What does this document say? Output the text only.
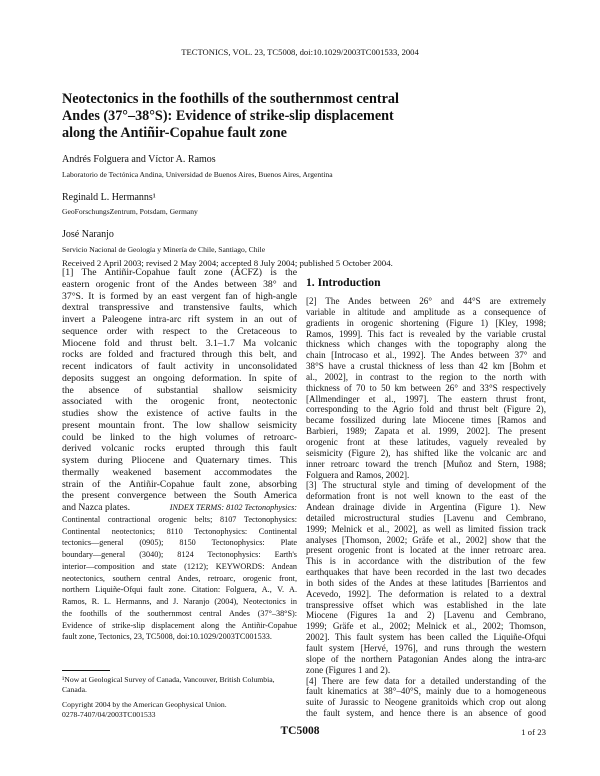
TECTONICS, VOL. 23, TC5008, doi:10.1029/2003TC001533, 2004
Neotectonics in the foothills of the southernmost central
Andes (37°–38°S): Evidence of strike-slip displacement
along the Antiñir-Copahue fault zone
Andrés Folguera and Víctor A. Ramos
Laboratorio de Tectónica Andina, Universidad de Buenos Aires, Buenos Aires, Argentina
Reginald L. Hermanns¹
GeoForschungsZentrum, Potsdam, Germany
José Naranjo
Servicio Nacional de Geología y Minería de Chile, Santiago, Chile
Received 2 April 2003; revised 2 May 2004; accepted 8 July 2004; published 5 October 2004.
[1] The Antiñir-Copahue fault zone (ACFZ) is the
eastern orogenic front of the Andes between 38° and
37°S. It is formed by an east vergent fan of high-angle
dextral transpressive and transtensive faults, which
invert a Paleogene intra-arc rift system in an out of
sequence order with respect to the Cretaceous to
Miocene fold and thrust belt. 3.1–1.7 Ma volcanic
rocks are folded and fractured through this belt, and
recent indicators of fault activity in unconsolidated
deposits suggest an ongoing deformation. In spite of
the absence of substantial shallow seismicity
associated with the orogenic front, neotectonic
studies show the existence of active faults in the
present mountain front. The low shallow seismicity
could be linked to the high volumes of retroarc-
derived volcanic rocks erupted through this fault
system during Pliocene and Quaternary times. This
thermally weakened basement accommodates the
strain of the Antiñir-Copahue fault zone, absorbing
the present convergence between the South America
and Nazca plates.	INDEX TERMS: 8102 Tectonophysics:
Continental contractional orogenic belts; 8107 Tectonophysics:
Continental neotectonics; 8110 Tectonophysics: Continental
tectonics—general (0905); 8150 Tectonophysics: Plate
boundary—general (3040); 8124 Tectonophysics: Earth's
interior—composition and state (1212); KEYWORDS: Andean
neotectonics, southern central Andes, retroarc, orogenic front,
northern Liquiñe-Ofqui fault zone. Citation: Folguera, A., V. A.
Ramos, R. L. Hermanns, and J. Naranjo (2004), Neotectonics in
the foothills of the southernmost central Andes (37°–38°S):
Evidence of strike-slip displacement along the Antiñir-Copahue
fault zone, Tectonics, 23, TC5008, doi:10.1029/2003TC001533.
1. Introduction
[2] The Andes between 26° and 44°S are extremely
variable in altitude and amplitude as a consequence of
gradients in orogenic shortening (Figure 1) [Kley, 1998;
Ramos, 1999]. This fact is revealed by the variable crustal
thickness which changes with the topography along the
chain [Introcaso et al., 1992]. The Andes between 37° and
38°S have a crustal thickness of less than 42 km [Bohm et
al., 2002], in contrast to the region to the north with
thickness of 70 to 50 km between 26° and 33°S respectively
[Allmendinger et al., 1997]. The eastern thrust front,
corresponding to the Agrio fold and thrust belt (Figure 2),
became fossilized during late Miocene times [Ramos and
Barbieri, 1989; Zapata et al. 1999, 2002]. The present
orogenic front at these latitudes, vaguely revealed by
seismicity (Figure 2), has shifted like the volcanic arc and
inner retroarc toward the trench [Muñoz and Stern, 1988;
Folguera and Ramos, 2002].
[3] The structural style and timing of development of the
deformation front is not well known to the east of the
Andean drainage divide in Argentina (Figure 1). New
detailed microstructural studies [Lavenu and Cembrano,
1999; Melnick et al., 2002], as well as limited fission track
analyses [Thomson, 2002; Gräfe et al., 2002] show that the
present orogenic front is located at the inner retroarc area.
This is in accordance with the distribution of the few
earthquakes that have been recorded in the last two decades
in both sides of the Andes at these latitudes [Barrientos and
Acevedo, 1992]. The deformation is related to a dextral
transpressive offset which was established in the late
Miocene (Figures 1a and 2) [Lavenu and Cembrano,
1999; Gräfe et al., 2002; Melnick et al., 2002; Thomson,
2002]. This fault system has been called the Liquiñe-Ofqui
fault system [Hervé, 1976], and runs through the western
slope of the northern Patagonian Andes along the intra-arc
zone (Figures 1 and 2).
[4] There are few data for a detailed understanding of the
fault kinematics at 38°–40°S, mainly due to a homogeneous
suite of Jurassic to Neogene granitoids which crop out along
the fault system, and hence there is an absence of good
¹Now at Geological Survey of Canada, Vancouver, British Columbia, Canada.
Copyright 2004 by the American Geophysical Union.
0278-7407/04/2003TC001533
TC5008	1 of 23
